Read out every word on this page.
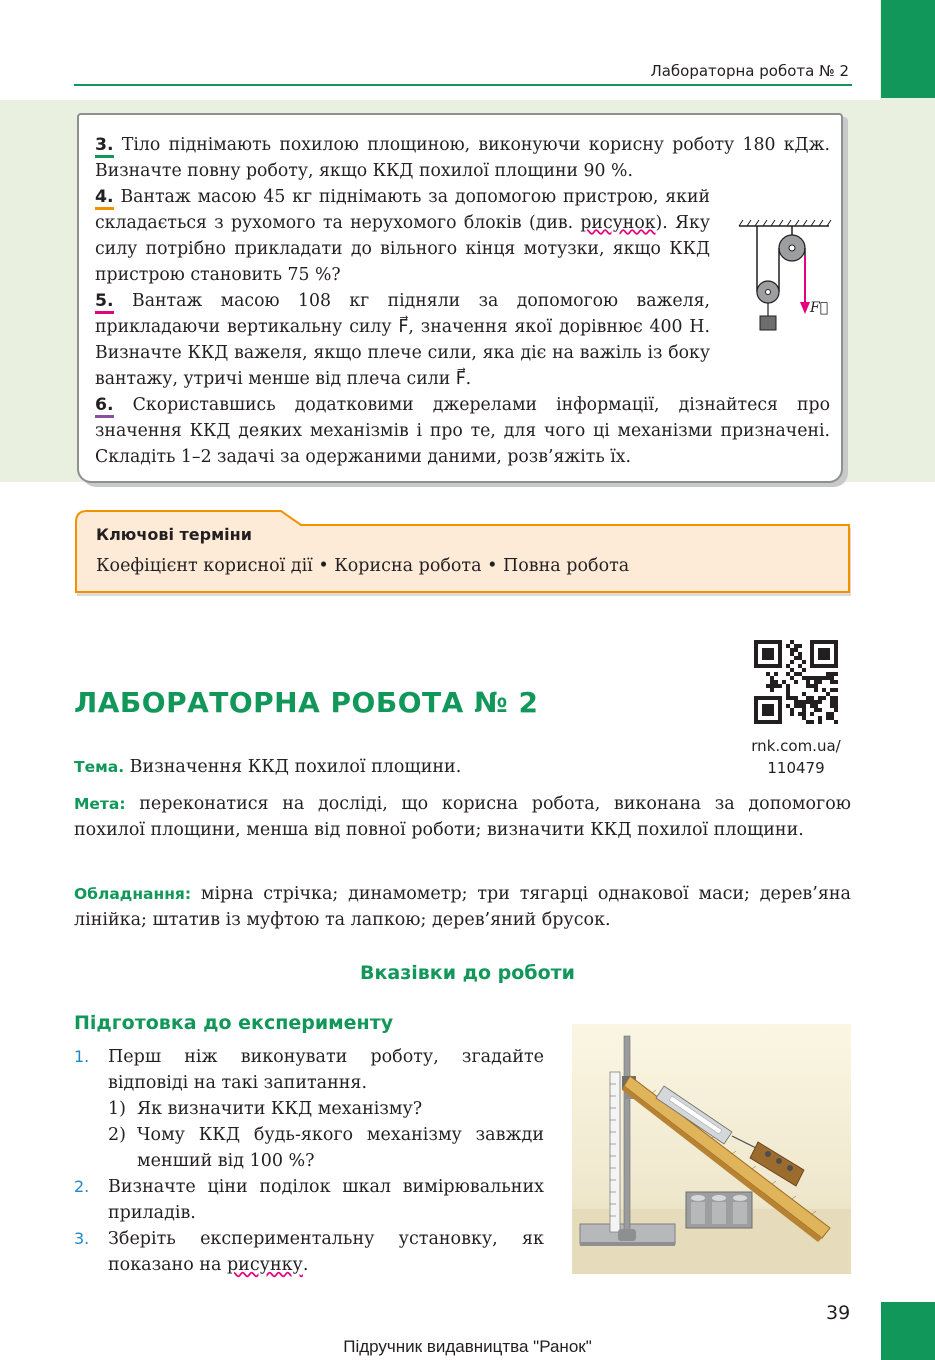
Лабораторна робота № 2

3. Тіло піднімають похилою площиною, виконуючи корисну роботу 180 кДж. Визначте повну роботу, якщо ККД похилої площини 90 %.

4. Вантаж масою 45 кг піднімають за допомогою пристрою, який складається з рухомого та нерухомого блоків (див. рисунок). Яку силу потрібно прикладати до вільного кінця мотузки, якщо ККД пристрою становить 75 %?

5. Вантаж масою 108 кг підняли за допомогою важеля, прикладаючи вертикальну силу F⃗, значення якої дорівнює 400 Н. Визначте ККД важеля, якщо плече сили, яка діє на важіль із боку вантажу, утричі менше від плеча сили F⃗.

6. Скориставшись додатковими джерелами інформації, дізнайтеся про значення ККД деяких механізмів і про те, для чого ці механізми призначені. Складіть 1–2 задачі за одержаними даними, розв’яжіть їх.

F⃗
Ключові терміни
Коефіцієнт корисної дії • Корисна робота • Повна робота
rnk.com.ua/
110479
ЛАБОРАТОРНА РОБОТА № 2

Тема. Визначення ККД похилої площини.

Мета: переконатися на досліді, що корисна робота, виконана за допомогою похилої площини, менша від повної роботи; визначити ККД похилої площини.

Обладнання: мірна стрічка; динамометр; три тягарці однакової маси; дерев’яна лінійка; штатив із муфтою та лапкою; дерев’яний брусок.

Вказівки до роботи
Підготовка до експерименту
1.	Перш ніж виконувати роботу, згадайте відповіді на такі запитання.
1) Як визначити ККД механізму?
2) Чому ККД будь-якого механізму завжди менший від 100 %?
2.	Визначте ціни поділок шкал вимірювальних приладів.
3.	Зберіть експериментальну установку, як показано на рисунку.
39
Підручник видавництва "Ранок"
